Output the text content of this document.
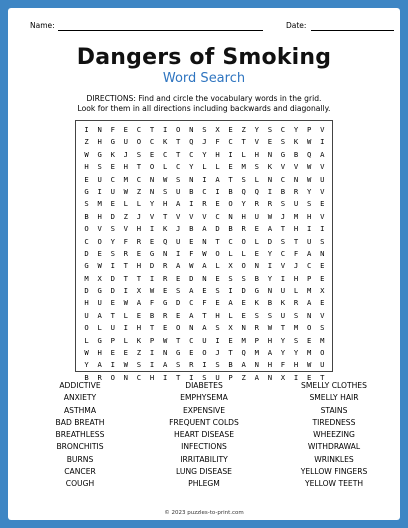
Name:	Date:
Dangers of Smoking
Word Search
DIRECTIONS: Find and circle the vocabulary words in the grid.
Look for them in all directions including backwards and diagonally.
I	N	F	E	C	T	I	O	N	S	X	E	Z	Y	S	C	Y	P	V
Z	H	G	U	O	C	K	T	Q	J	F	C	T	V	E	S	K	W	I
W	G	K	J	S	E	C	T	C	Y	H	I	L	H	N	G	B	Q	A
H	S	E	H	T	O	L	C	Y	L	L	E	M	S	K	V	V	W	V
E	U	C	M	C	N	W	S	N	I	A	T	S	L	N	C	N	W	U
G	I	U	W	Z	N	S	U	B	C	I	B	Q	Q	I	B	R	Y	V
S	M	E	L	L	Y	H	A	I	R	E	O	Y	R	R	S	U	S	E
B	H	D	Z	J	V	T	V	V	V	C	N	H	U	W	J	M	H	V
O	V	S	V	H	I	K	J	B	A	D	B	R	E	A	T	H	I	I
C	O	Y	F	R	E	Q	U	E	N	T	C	O	L	D	S	T	U	S
D	E	S	R	E	G	N	I	F	W	O	L	L	E	Y	C	F	A	N
G	W	I	T	H	D	R	A	W	A	L	X	O	N	I	V	J	C	E
M	X	D	T	T	I	R	E	D	N	E	S	S	B	Y	I	H	P	E
D	G	D	I	X	W	E	S	A	E	S	I	D	G	N	U	L	M	X
H	U	E	W	A	F	G	D	C	F	E	A	E	K	B	K	R	A	E
U	A	T	L	E	B	R	E	A	T	H	L	E	S	S	U	S	N	V
O	L	U	I	H	T	E	O	N	A	S	X	N	R	W	T	M	O	S
L	G	P	L	K	P	W	T	C	U	I	E	M	P	H	Y	S	E	M
W	H	E	E	Z	I	N	G	E	O	J	T	Q	M	A	Y	Y	M	O
Y	A	I	W	S	I	A	S	R	I	S	B	A	N	H	F	H	W	U
B	R	O	N	C	H	I	T	I	S	U	P	Z	A	N	X	I	E	T
ADDICTIVE
ANXIETY
ASTHMA
BAD BREATH
BREATHLESS
BRONCHITIS
BURNS
CANCER
COUGH
DIABETES
EMPHYSEMA
EXPENSIVE
FREQUENT COLDS
HEART DISEASE
INFECTIONS
IRRITABILITY
LUNG DISEASE
PHLEGM
SMELLY CLOTHES
SMELLY HAIR
STAINS
TIREDNESS
WHEEZING
WITHDRAWAL
WRINKLES
YELLOW FINGERS
YELLOW TEETH
© 2023 puzzles-to-print.com
